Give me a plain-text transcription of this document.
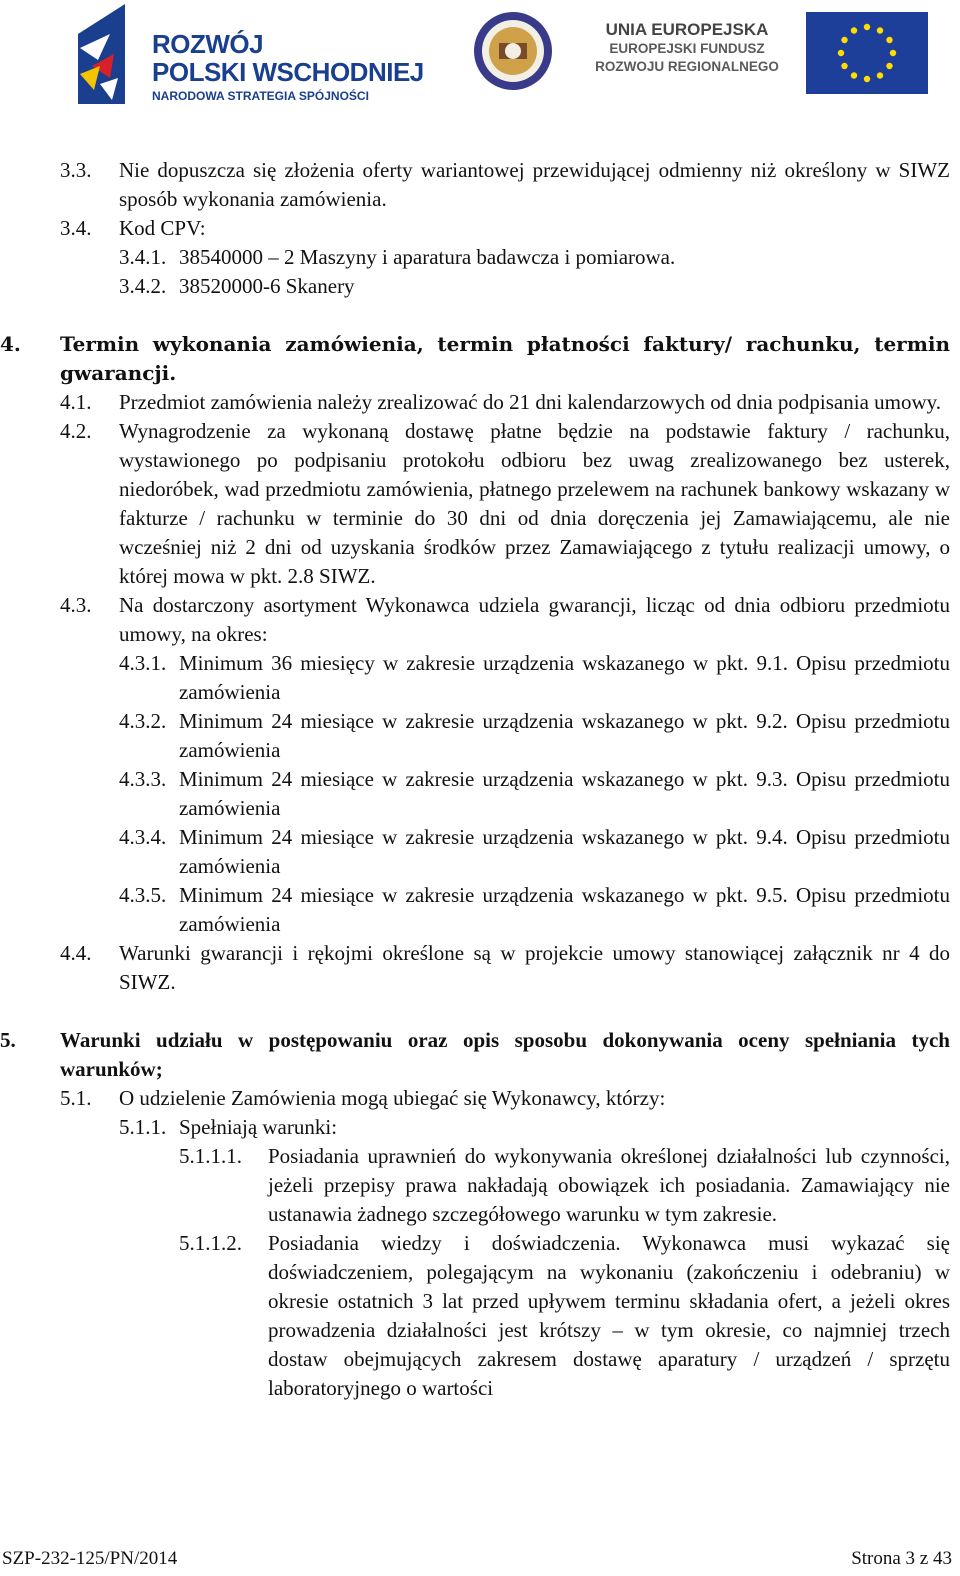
ROZWÓJ
POLSKI WSCHODNIEJ
NARODOWA STRATEGIA SPÓJNOŚCI
UNIA EUROPEJSKA
EUROPEJSKI FUNDUSZ
ROZWOJU REGIONALNEGO
3.3.	Nie dopuszcza się złożenia oferty wariantowej przewidującej odmienny niż określony w SIWZ sposób wykonania zamówienia.
3.4.	Kod CPV:
3.4.1. 38540000 – 2 Maszyny i aparatura badawcza i pomiarowa.
3.4.2. 38520000-6 Skanery
4.	Termin wykonania zamówienia, termin płatności faktury/ rachunku, termin gwarancji.
4.1.	Przedmiot zamówienia należy zrealizować do 21 dni kalendarzowych od dnia podpisania umowy.
4.2.	Wynagrodzenie za wykonaną dostawę płatne będzie na podstawie faktury / rachunku, wystawionego po podpisaniu protokołu odbioru bez uwag zrealizowanego bez usterek, niedoróbek, wad przedmiotu zamówienia, płatnego przelewem na rachunek bankowy wskazany w fakturze / rachunku w terminie do 30 dni od dnia doręczenia jej Zamawiającemu, ale nie wcześniej niż 2 dni od uzyskania środków przez Zamawiającego z tytułu realizacji umowy, o której mowa w pkt. 2.8 SIWZ.
4.3.	Na dostarczony asortyment Wykonawca udziela gwarancji, licząc od dnia odbioru przedmiotu umowy, na okres:
4.3.1. Minimum 36 miesięcy w zakresie urządzenia wskazanego w pkt. 9.1. Opisu przedmiotu zamówienia
4.3.2. Minimum 24 miesiące w zakresie urządzenia wskazanego w pkt. 9.2. Opisu przedmiotu zamówienia
4.3.3. Minimum 24 miesiące w zakresie urządzenia wskazanego w pkt. 9.3. Opisu przedmiotu zamówienia
4.3.4. Minimum 24 miesiące w zakresie urządzenia wskazanego w pkt. 9.4. Opisu przedmiotu zamówienia
4.3.5. Minimum 24 miesiące w zakresie urządzenia wskazanego w pkt. 9.5. Opisu przedmiotu zamówienia
4.4.	Warunki gwarancji i rękojmi określone są w projekcie umowy stanowiącej załącznik nr 4 do SIWZ.
5.	Warunki udziału w postępowaniu oraz opis sposobu dokonywania oceny spełniania tych warunków;
5.1.	O udzielenie Zamówienia mogą ubiegać się Wykonawcy, którzy:
5.1.1. Spełniają warunki:
5.1.1.1.	Posiadania uprawnień do wykonywania określonej działalności lub czynności, jeżeli przepisy prawa nakładają obowiązek ich posiadania. Zamawiający nie ustanawia żadnego szczegółowego warunku w tym zakresie.
5.1.1.2.	Posiadania wiedzy i doświadczenia. Wykonawca musi wykazać się doświadczeniem, polegającym na wykonaniu (zakończeniu i odebraniu) w okresie ostatnich 3 lat przed upływem terminu składania ofert, a jeżeli okres prowadzenia działalności jest krótszy – w tym okresie, co najmniej trzech dostaw obejmujących zakresem dostawę aparatury / urządzeń / sprzętu laboratoryjnego o wartości
SZP-232-125/PN/2014	Strona 3 z 43
